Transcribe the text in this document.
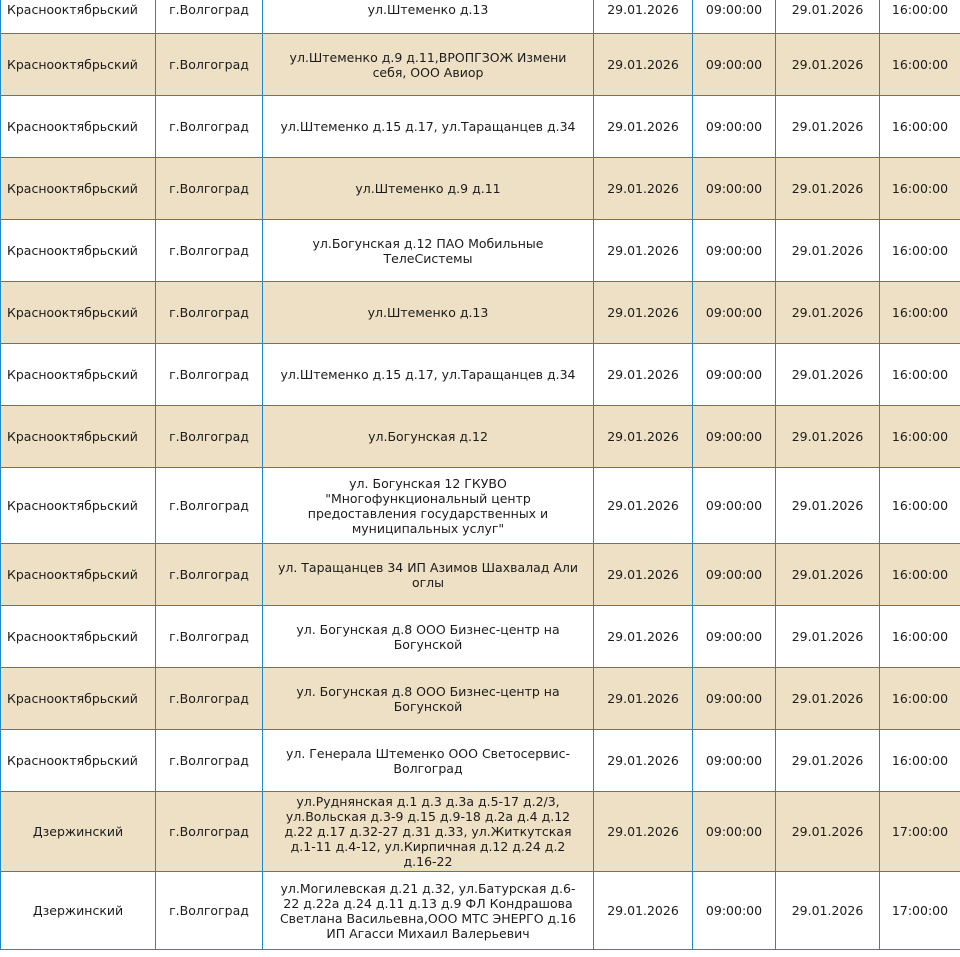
Краснооктябрьский	г.Волгоград	ул.Штеменко д.13	29.01.2026	09:00:00	29.01.2026	16:00:00
Краснооктябрьский	г.Волгоград	ул.Штеменко д.9 д.11,ВРОПГЗОЖ Измени себя, ООО Авиор	29.01.2026	09:00:00	29.01.2026	16:00:00
Краснооктябрьский	г.Волгоград	ул.Штеменко д.15 д.17, ул.Таращанцев д.34	29.01.2026	09:00:00	29.01.2026	16:00:00
Краснооктябрьский	г.Волгоград	ул.Штеменко д.9 д.11	29.01.2026	09:00:00	29.01.2026	16:00:00
Краснооктябрьский	г.Волгоград	ул.Богунская д.12 ПАО Мобильные ТелеСистемы	29.01.2026	09:00:00	29.01.2026	16:00:00
Краснооктябрьский	г.Волгоград	ул.Штеменко д.13	29.01.2026	09:00:00	29.01.2026	16:00:00
Краснооктябрьский	г.Волгоград	ул.Штеменко д.15 д.17, ул.Таращанцев д.34	29.01.2026	09:00:00	29.01.2026	16:00:00
Краснооктябрьский	г.Волгоград	ул.Богунская д.12	29.01.2026	09:00:00	29.01.2026	16:00:00
Краснооктябрьский	г.Волгоград	ул. Богунская 12 ГКУВО "Многофункциональный центр предоставления государственных и муниципальных услуг"	29.01.2026	09:00:00	29.01.2026	16:00:00
Краснооктябрьский	г.Волгоград	ул. Таращанцев 34 ИП Азимов Шахвалад Али оглы	29.01.2026	09:00:00	29.01.2026	16:00:00
Краснооктябрьский	г.Волгоград	ул. Богунская д.8 ООО Бизнес-центр на Богунской	29.01.2026	09:00:00	29.01.2026	16:00:00
Краснооктябрьский	г.Волгоград	ул. Богунская д.8 ООО Бизнес-центр на Богунской	29.01.2026	09:00:00	29.01.2026	16:00:00
Краснооктябрьский	г.Волгоград	ул. Генерала Штеменко ООО Светосервис-Волгоград	29.01.2026	09:00:00	29.01.2026	16:00:00
Дзержинский	г.Волгоград	ул.Руднянская д.1 д.3 д.3а д.5-17 д.2/3, ул.Вольская д.3-9 д.15 д.9-18 д.2а д.4 д.12 д.22 д.17 д.32-27 д.31 д.33, ул.Житкутская д.1-11 д.4-12, ул.Кирпичная д.12 д.24 д.2 д.16-22	29.01.2026	09:00:00	29.01.2026	17:00:00
Дзержинский	г.Волгоград	ул.Могилевская д.21 д.32, ул.Батурская д.6-22 д.22а д.24 д.11 д.13 д.9 ФЛ Кондрашова Светлана Васильевна,ООО МТС ЭНЕРГО д.16 ИП Агасси Михаил Валерьевич	29.01.2026	09:00:00	29.01.2026	17:00:00
